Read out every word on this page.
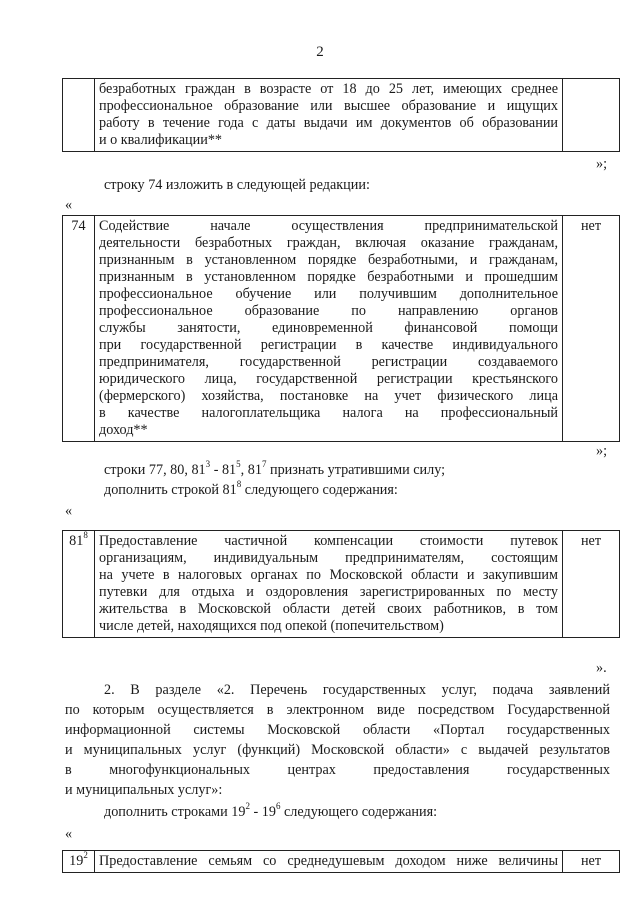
2

безработных граждан в возрасте от 18 до 25 лет, имеющих среднее
профессиональное образование или высшее образование и ищущих
работу в течение года с даты выдачи им документов об образовании
и о квалификации**

»;
строку 74 изложить в следующей редакции:
«
74	Содействие начале осуществления предпринимательской
деятельности безработных граждан, включая оказание гражданам,
признанным в установленном порядке безработными, и гражданам,
признанным в установленном порядке безработными и прошедшим
профессиональное обучение или получившим дополнительное
профессиональное образование по направлению органов
службы занятости, единовременной финансовой помощи
при государственной регистрации в качестве индивидуального
предпринимателя, государственной регистрации создаваемого
юридического лица, государственной регистрации крестьянского
(фермерского) хозяйства, постановке на учет физического лица
в качестве налогоплательщика налога на профессиональный
доход**
	нет
»;
строки 77, 80, $81^3 - 81^5$, $81^7$ признать утратившими силу;
дополнить строкой $81^8$ следующего содержания:
«
$81^8$	Предоставление частичной компенсации стоимости путевок
организациям, индивидуальным предпринимателям, состоящим
на учете в налоговых органах по Московской области и закупившим
путевки для отдыха и оздоровления зарегистрированных по месту
жительства в Московской области детей своих работников, в том
числе детей, находящихся под опекой (попечительством)
	нет
».
2. В разделе «2. Перечень государственных услуг, подача заявлений
по которым осуществляется в электронном виде посредством Государственной
информационной системы Московской области «Портал государственных
и муниципальных услуг (функций) Московской области» с выдачей результатов
в многофункциональных центрах предоставления государственных
и муниципальных услуг»:
дополнить строками $19^2 - 19^6$ следующего содержания:
«
$19^2$	Предоставление семьям со среднедушевым доходом ниже величины	нет
